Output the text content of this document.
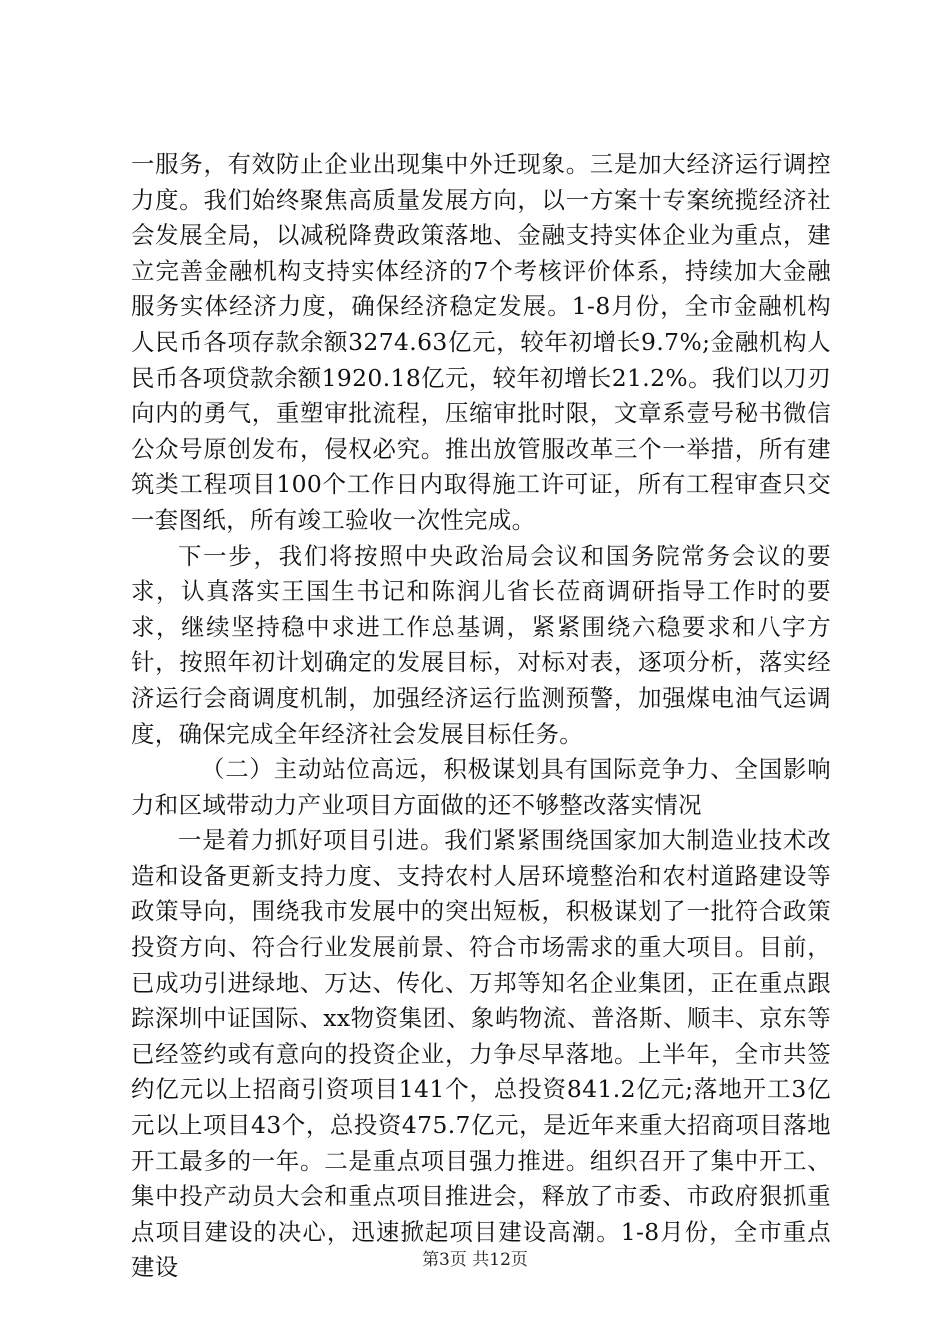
一服务，有效防止企业出现集中外迁现象。三是加大经济运行调控力度。我们始终聚焦高质量发展方向，以一方案十专案统揽经济社会发展全局，以减税降费政策落地、金融支持实体企业为重点，建立完善金融机构支持实体经济的7个考核评价体系，持续加大金融服务实体经济力度，确保经济稳定发展。1-8月份，全市金融机构人民币各项存款余额3274.63亿元，较年初增长9.7%;金融机构人民币各项贷款余额1920.18亿元，较年初增长21.2%。我们以刀刃向内的勇气，重塑审批流程，压缩审批时限，文章系壹号秘书微信公众号原创发布，侵权必究。推出放管服改革三个一举措，所有建筑类工程项目100个工作日内取得施工许可证，所有工程审查只交一套图纸，所有竣工验收一次性完成。

下一步，我们将按照中央政治局会议和国务院常务会议的要求，认真落实王国生书记和陈润儿省长莅商调研指导工作时的要求，继续坚持稳中求进工作总基调，紧紧围绕六稳要求和八字方针，按照年初计划确定的发展目标，对标对表，逐项分析，落实经济运行会商调度机制，加强经济运行监测预警，加强煤电油气运调度，确保完成全年经济社会发展目标任务。

（二）主动站位高远，积极谋划具有国际竞争力、全国影响力和区域带动力产业项目方面做的还不够整改落实情况

一是着力抓好项目引进。我们紧紧围绕国家加大制造业技术改造和设备更新支持力度、支持农村人居环境整治和农村道路建设等政策导向，围绕我市发展中的突出短板，积极谋划了一批符合政策投资方向、符合行业发展前景、符合市场需求的重大项目。目前，已成功引进绿地、万达、传化、万邦等知名企业集团，正在重点跟踪深圳中证国际、xx物资集团、象屿物流、普洛斯、顺丰、京东等已经签约或有意向的投资企业，力争尽早落地。上半年，全市共签约亿元以上招商引资项目141个，总投资841.2亿元;落地开工3亿元以上项目43个，总投资475.7亿元，是近年来重大招商项目落地开工最多的一年。二是重点项目强力推进。组织召开了集中开工、集中投产动员大会和重点项目推进会，释放了市委、市政府狠抓重点项目建设的决心，迅速掀起项目建设高潮。1-8月份，全市重点建设	第3页 共12页
